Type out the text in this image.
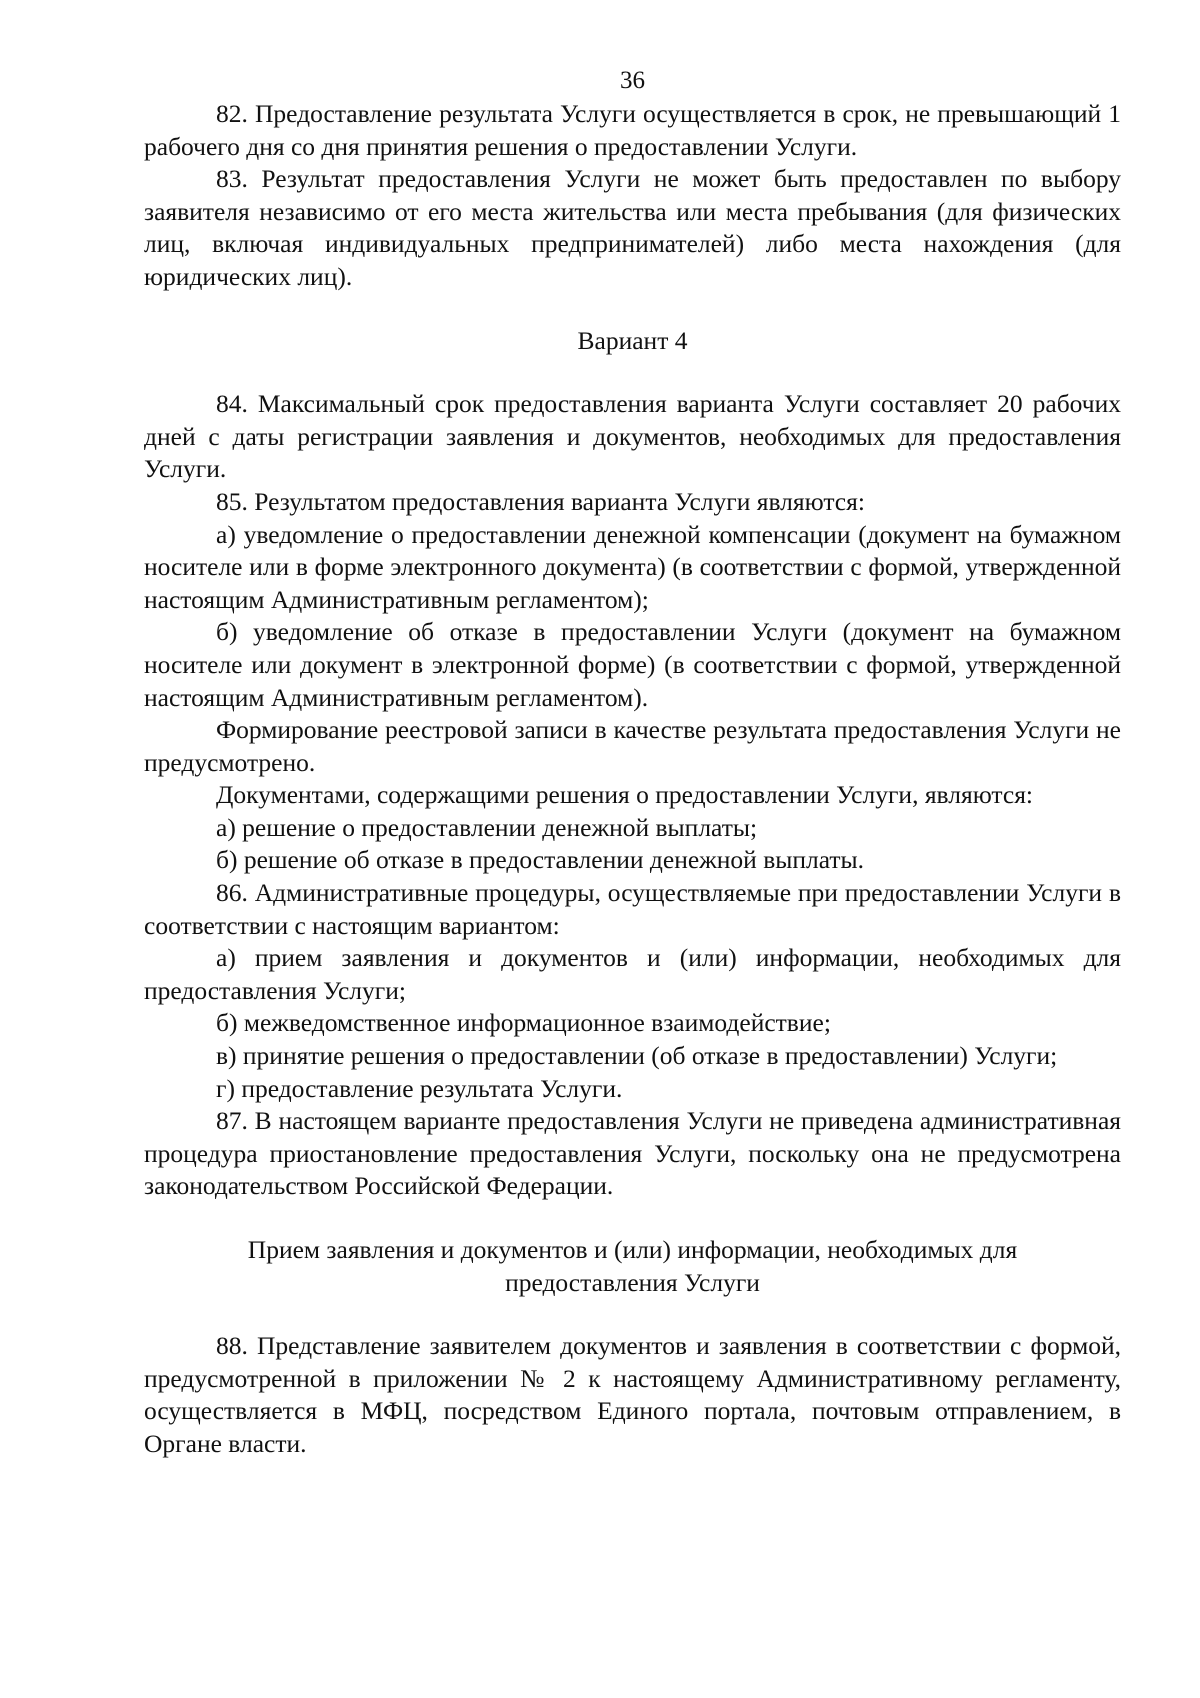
36

82. Предоставление результата Услуги осуществляется в срок, не превышающий 1 рабочего дня со дня принятия решения о предоставлении Услуги.

83. Результат предоставления Услуги не может быть предоставлен по выбору заявителя независимо от его места жительства или места пребывания (для физических лиц, включая индивидуальных предпринимателей) либо места нахождения (для юридических лиц).

Вариант 4

84. Максимальный срок предоставления варианта Услуги составляет 20 рабочих дней с даты регистрации заявления и документов, необходимых для предоставления Услуги.

85. Результатом предоставления варианта Услуги являются:

а) уведомление о предоставлении денежной компенсации (документ на бумажном носителе или в форме электронного документа) (в соответствии с формой, утвержденной настоящим Административным регламентом);

б) уведомление об отказе в предоставлении Услуги (документ на бумажном носителе или документ в электронной форме) (в соответствии с формой, утвержденной настоящим Административным регламентом).

Формирование реестровой записи в качестве результата предоставления Услуги не предусмотрено.

Документами, содержащими решения о предоставлении Услуги, являются:

а) решение о предоставлении денежной выплаты;

б) решение об отказе в предоставлении денежной выплаты.

86. Административные процедуры, осуществляемые при предоставлении Услуги в соответствии с настоящим вариантом:

а) прием заявления и документов и (или) информации, необходимых для предоставления Услуги;

б) межведомственное информационное взаимодействие;

в) принятие решения о предоставлении (об отказе в предоставлении) Услуги;

г) предоставление результата Услуги.

87. В настоящем варианте предоставления Услуги не приведена административная процедура приостановление предоставления Услуги, поскольку она не предусмотрена законодательством Российской Федерации.

Прием заявления и документов и (или) информации, необходимых для

предоставления Услуги

88. Представление заявителем документов и заявления в соответствии с формой, предусмотренной в приложении № 2 к настоящему Административному регламенту, осуществляется в МФЦ, посредством Единого портала, почтовым отправлением, в Органе власти.
